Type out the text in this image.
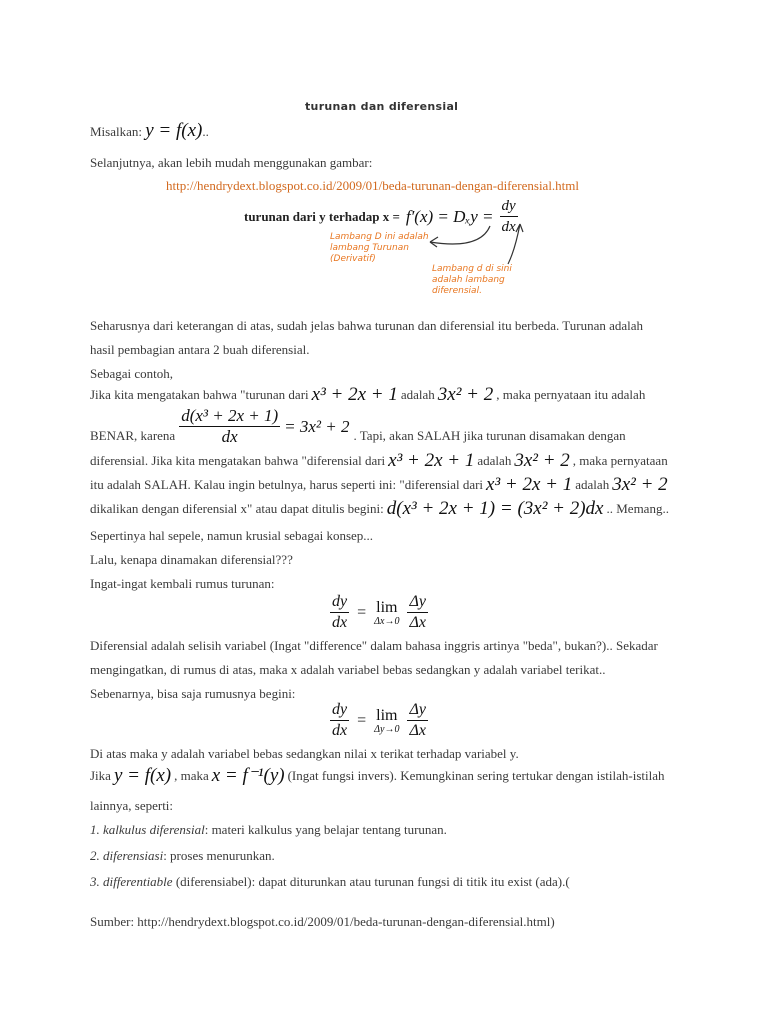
turunan dan diferensial
Misalkan: y = f(x)..
Selanjutnya, akan lebih mudah menggunakan gambar:
http://hendrydext.blogspot.co.id/2009/01/beda-turunan-dengan-diferensial.html
turunan dari y terhadap $x = f'(x) = D_xy = \frac{dy}{dx}$
Lambang D ini adalah lambang Turunan (Derivatif)
Lambang d di sini adalah lambang diferensial.
Seharusnya dari keterangan di atas, sudah jelas bahwa turunan dan diferensial itu berbeda. Turunan adalah
hasil pembagian antara 2 buah diferensial.
Sebagai contoh,
Jika kita mengatakan bahwa "turunan dari x³ + 2x + 1 adalah 3x² + 2 , maka pernyataan itu adalah
BENAR, karena $\frac{\text{d(x³ + 2x + 1)}}{dx} = 3x^2 + 2$ . Tapi, akan SALAH jika turunan disamakan dengan
diferensial. Jika kita mengatakan bahwa "diferensial dari x³ + 2x + 1 adalah 3x² + 2 , maka pernyataan
itu adalah SALAH. Kalau ingin betulnya, harus seperti ini: "diferensial dari x³ + 2x + 1 adalah 3x² + 2
dikalikan dengan diferensial x" atau dapat ditulis begini: d(x³ + 2x + 1) = (3x² + 2)dx .. Memang..
Sepertinya hal sepele, namun krusial sebagai konsep...
Lalu, kenapa dinamakan diferensial???
Ingat-ingat kembali rumus turunan:
$\frac{dy}{dx} = \lim$
$\Delta x\to 0 \frac{\Delta y}{\Delta x}$
Diferensial adalah selisih variabel (Ingat "difference" dalam bahasa inggris artinya "beda", bukan?).. Sekadar
mengingatkan, di rumus di atas, maka x adalah variabel bebas sedangkan y adalah variabel terikat..
Sebenarnya, bisa saja rumusnya begini:
$\frac{dy}{dx} = \lim$
$\Delta y\to 0 \frac{\Delta y}{\Delta x}$
Di atas maka y adalah variabel bebas sedangkan nilai x terikat terhadap variabel y.
Jika y = f(x) , maka x = f⁻¹(y) (Ingat fungsi invers). Kemungkinan sering tertukar dengan istilah-istilah
lainnya, seperti:
1. kalkulus diferensial: materi kalkulus yang belajar tentang turunan.
2. diferensiasi: proses menurunkan.
3. differentiable (diferensiabel): dapat diturunkan atau turunan fungsi di titik itu exist (ada).(
Sumber: http://hendrydext.blogspot.co.id/2009/01/beda-turunan-dengan-diferensial.html)
